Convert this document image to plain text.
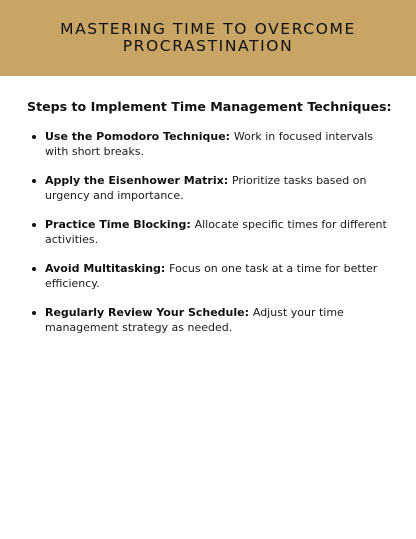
MASTERING TIME TO OVERCOME
PROCRASTINATION
Steps to Implement Time Management Techniques:
Use the Pomodoro Technique: Work in focused intervals with short breaks.
Apply the Eisenhower Matrix: Prioritize tasks based on urgency and importance.
Practice Time Blocking: Allocate specific times for different activities.
Avoid Multitasking: Focus on one task at a time for better efficiency.
Regularly Review Your Schedule: Adjust your time management strategy as needed.
